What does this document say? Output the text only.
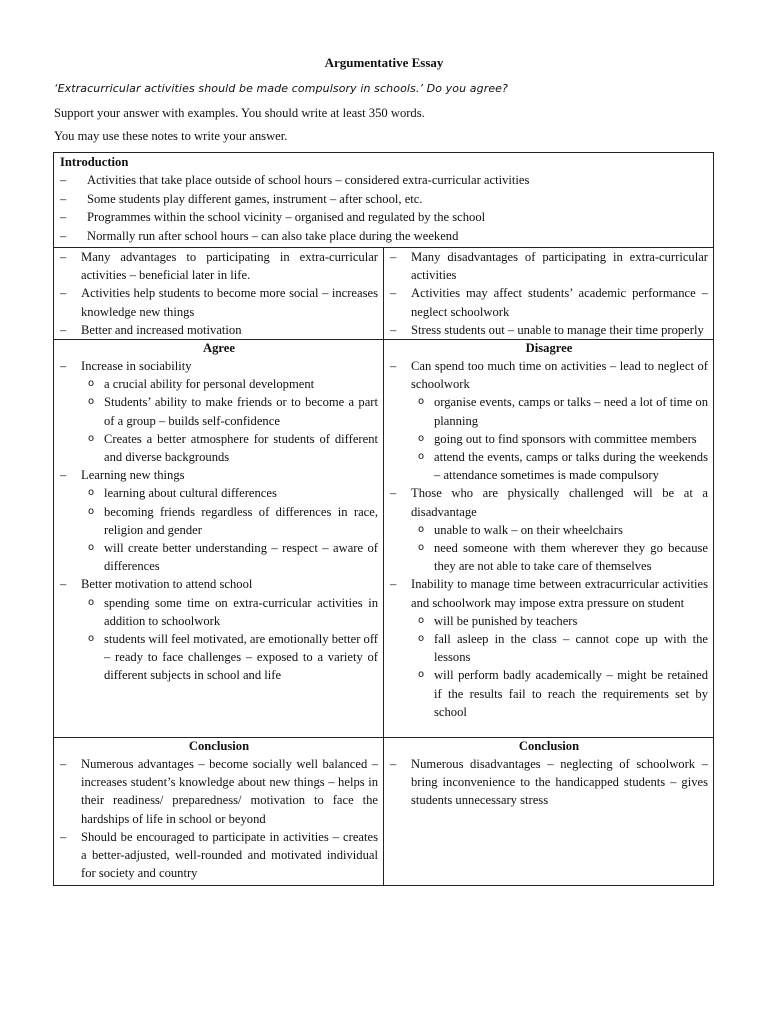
Argumentative Essay
‘Extracurricular activities should be made compulsory in schools.’ Do you agree?
Support your answer with examples. You should write at least 350 words.
You may use these notes to write your answer.
Introduction
– Activities that take place outside of school hours – considered extra-curricular activities
– Some students play different games, instrument – after school, etc.
– Programmes within the school vicinity – organised and regulated by the school
– Normally run after school hours – can also take place during the weekend
– Many advantages to participating in extra-curricular activities – beneficial later in life.
– Activities help students to become more social – increases knowledge new things
– Better and increased motivation
– Many disadvantages of participating in extra-curricular activities
– Activities may affect students’ academic performance – neglect schoolwork
– Stress students out – unable to manage their time properly
Agree
– Increase in sociability
o a crucial ability for personal development
o Students’ ability to make friends or to become a part of a group – builds self-confidence
o Creates a better atmosphere for students of different and diverse backgrounds
– Learning new things
o learning about cultural differences
o becoming friends regardless of differences in race, religion and gender
o will create better understanding – respect – aware of differences
– Better motivation to attend school
o spending some time on extra-curricular activities in addition to schoolwork
o students will feel motivated, are emotionally better off – ready to face challenges – exposed to a variety of different subjects in school and life
Disagree
– Can spend too much time on activities – lead to neglect of schoolwork
o organise events, camps or talks – need a lot of time on planning
o going out to find sponsors with committee members
o attend the events, camps or talks during the weekends – attendance sometimes is made compulsory
– Those who are physically challenged will be at a disadvantage
o unable to walk – on their wheelchairs
o need someone with them wherever they go because they are not able to take care of themselves
– Inability to manage time between extracurricular activities and schoolwork may impose extra pressure on student
o will be punished by teachers
o fall asleep in the class – cannot cope up with the lessons
o will perform badly academically – might be retained if the results fail to reach the requirements set by school
Conclusion
– Numerous advantages – become socially well balanced – increases student’s knowledge about new things – helps in their readiness/ preparedness/ motivation to face the hardships of life in school or beyond
– Should be encouraged to participate in activities – creates a better-adjusted, well-rounded and motivated individual for society and country
Conclusion
– Numerous disadvantages – neglecting of schoolwork – bring inconvenience to the handicapped students – gives students unnecessary stress
